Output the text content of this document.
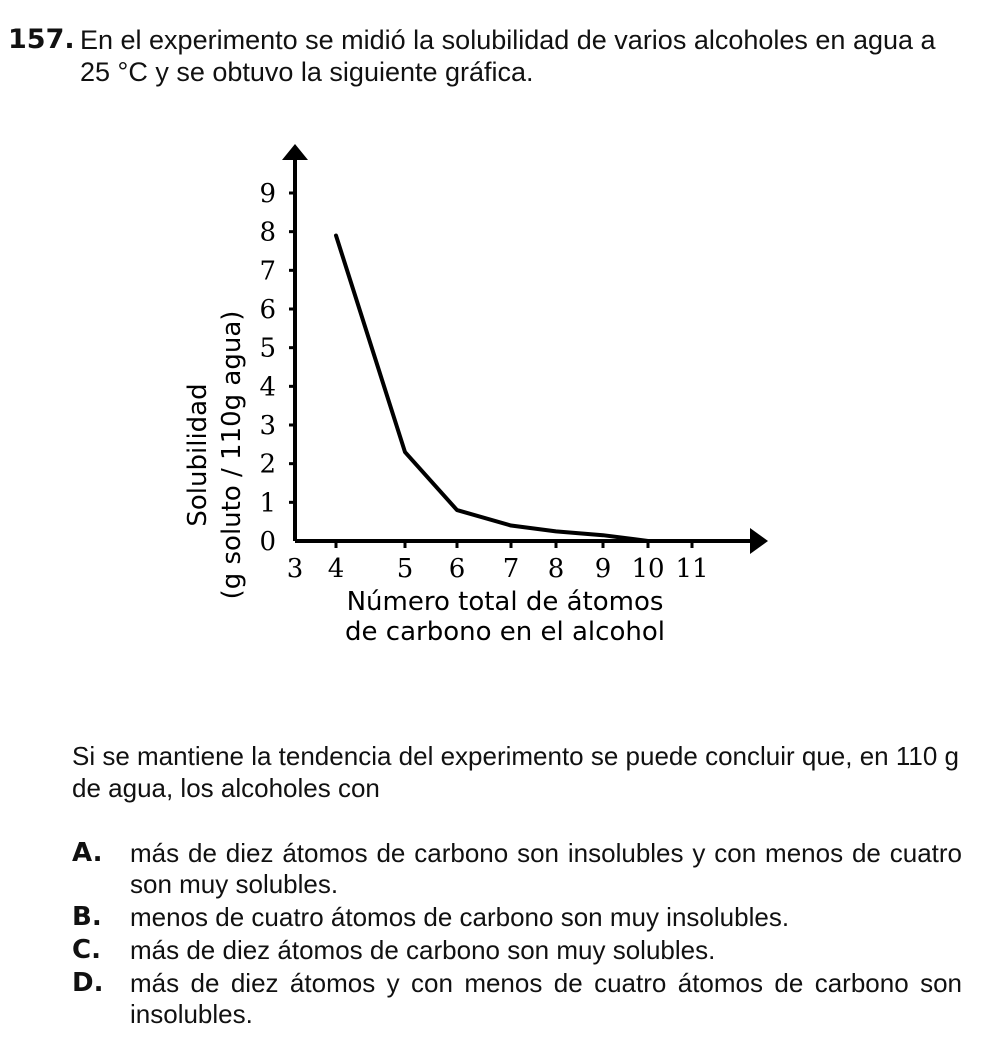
157. En el experimento se midió la solubilidad de varios alcoholes en agua a 25 °C y se obtuvo la siguiente gráfica.
0
1
2
3
4
5
6
7
8
9
3 4 5 6 7 8 9 10 11
Solubilidad (g soluto / 110g agua)
Número total de átomos
de carbono en el alcohol
Si se mantiene la tendencia del experimento se puede concluir que, en 110 g de agua, los alcoholes con
A. más de diez átomos de carbono son insolubles y con menos de cuatro son muy solubles.
B. menos de cuatro átomos de carbono son muy insolubles.
C. más de diez átomos de carbono son muy solubles.
D. más de diez átomos y con menos de cuatro átomos de carbono son insolubles.
